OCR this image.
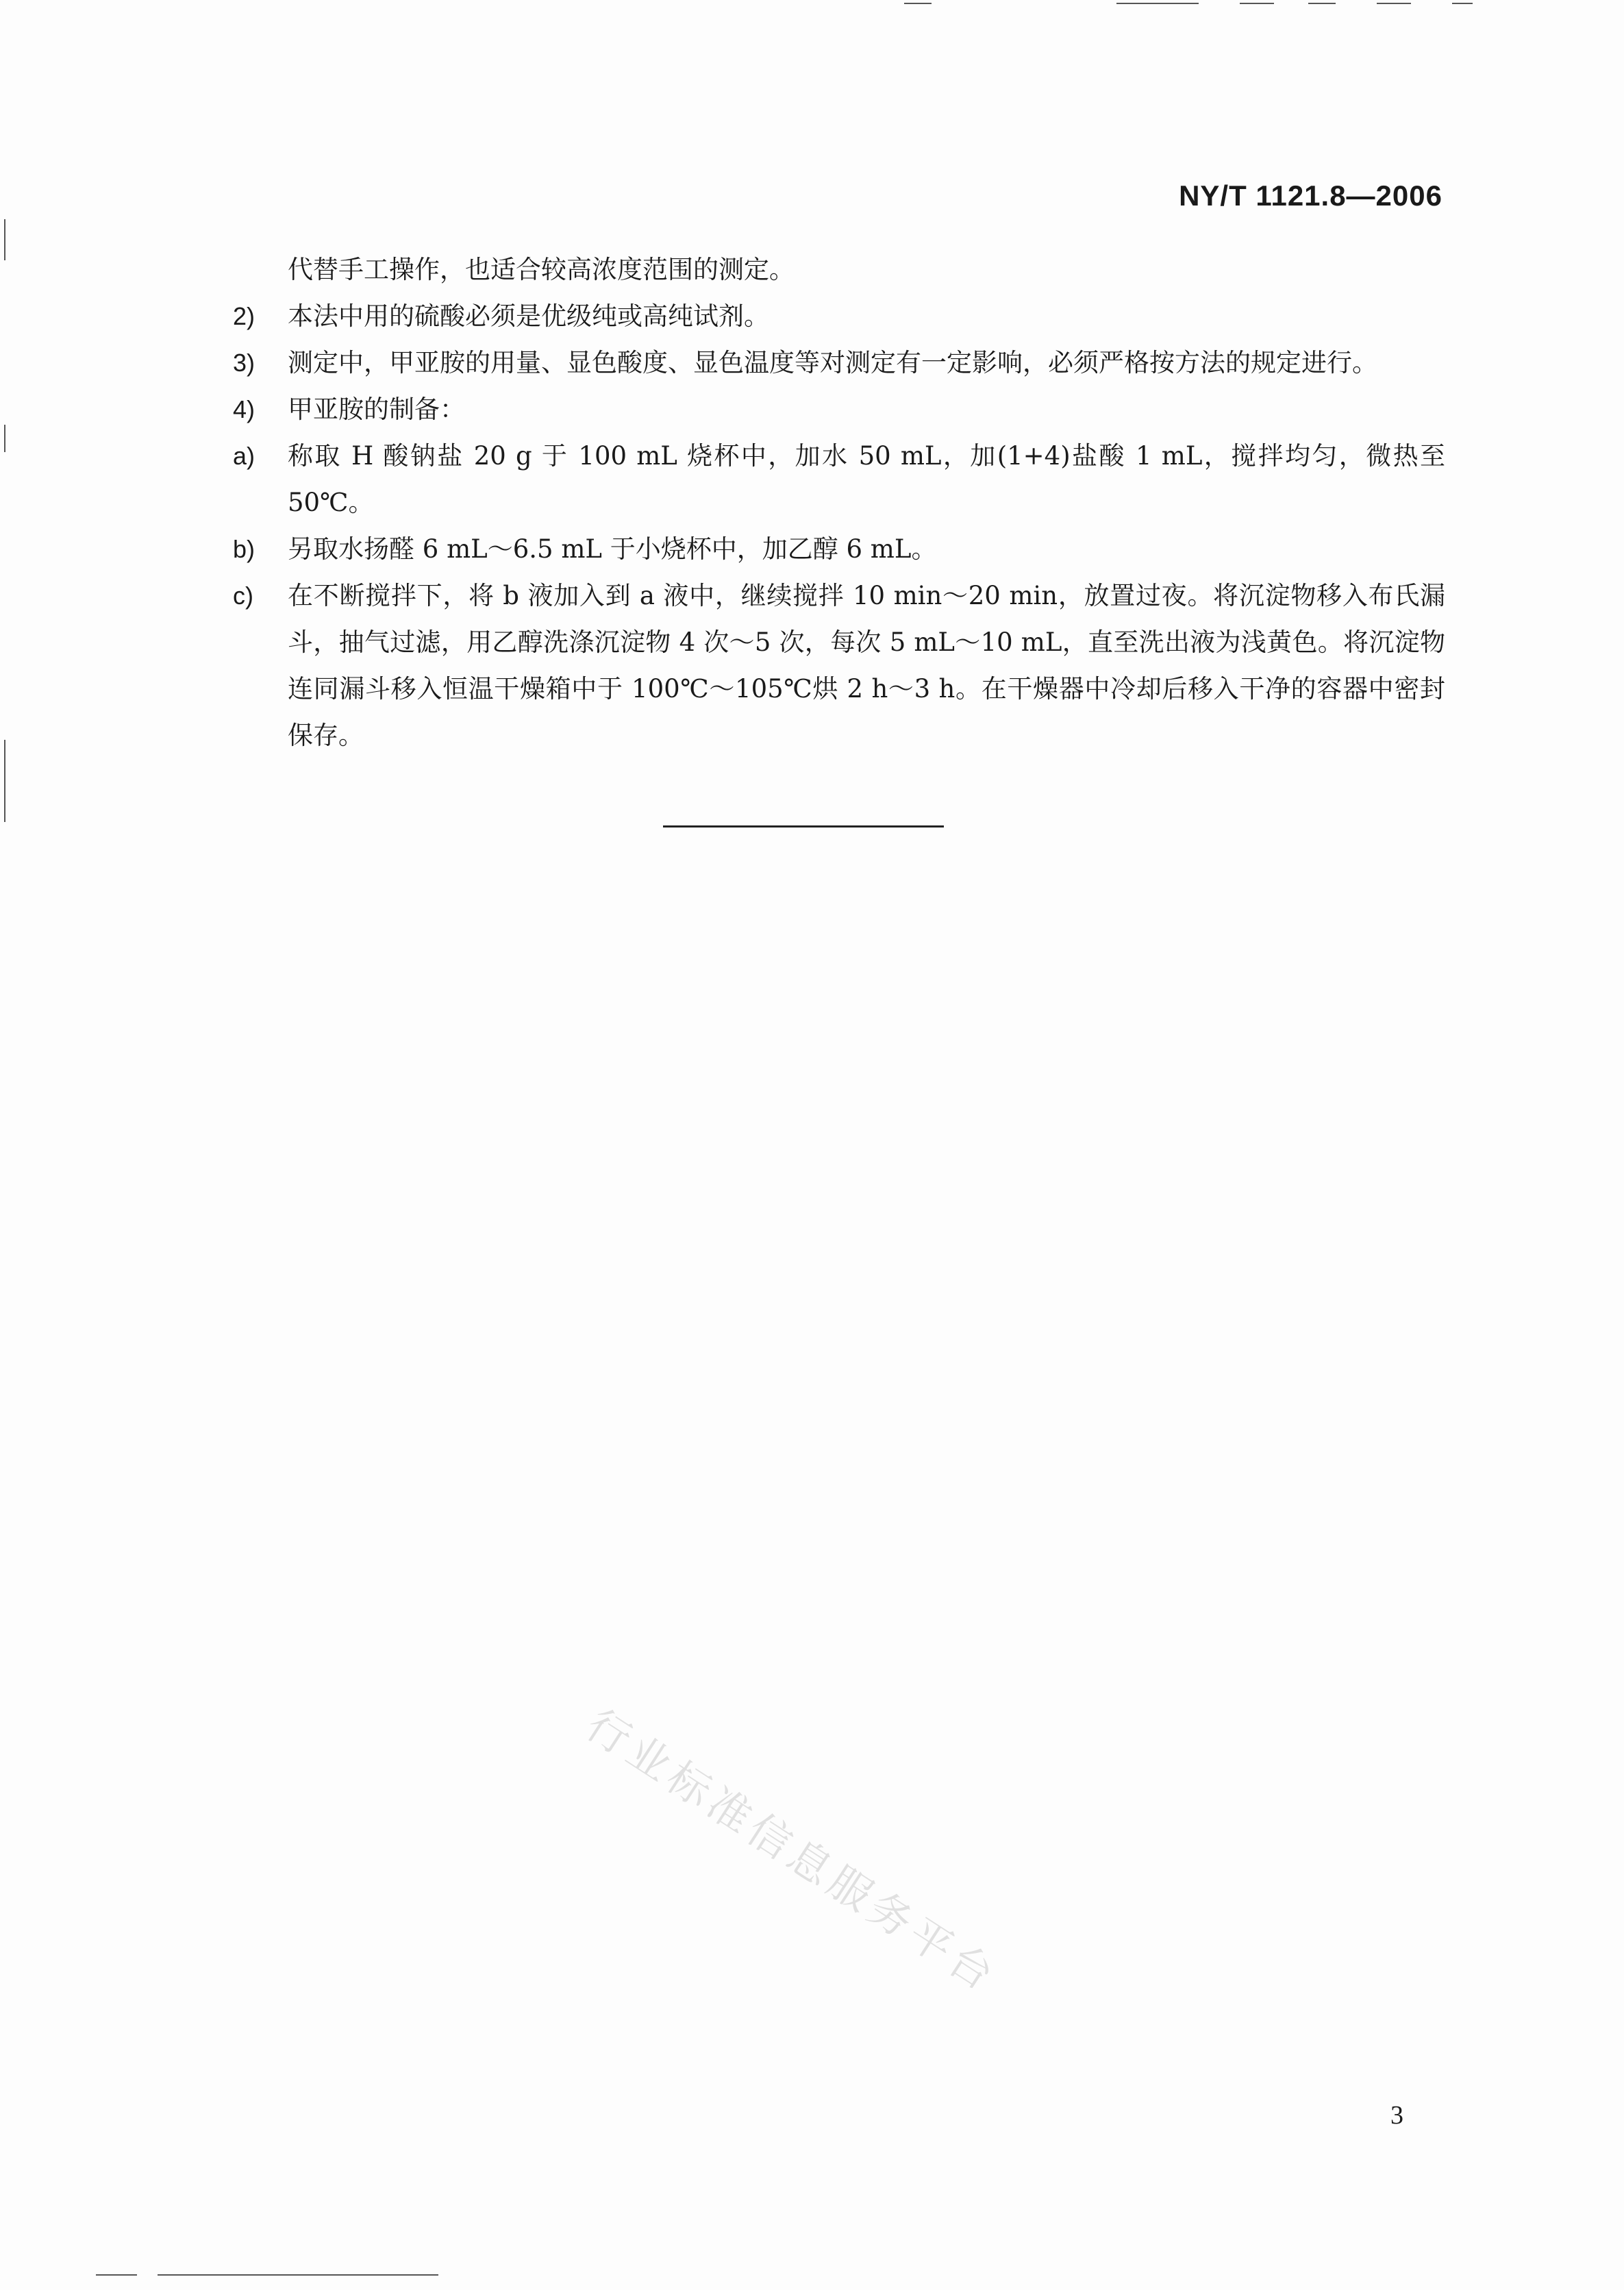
NY/T 1121.8—2006
代替手工操作，也适合较高浓度范围的测定。
2)	本法中用的硫酸必须是优级纯或高纯试剂。
3)	测定中，甲亚胺的用量、显色酸度、显色温度等对测定有一定影响，必须严格按方法的规定进行。
4)	甲亚胺的制备：
a)	称取 H 酸钠盐 20 g 于 100 mL 烧杯中，加水 50 mL，加(1+4)盐酸 1 mL，搅拌均匀，微热至 50℃。
b)	另取水扬醛 6 mL～6.5 mL 于小烧杯中，加乙醇 6 mL。
c)	在不断搅拌下，将 b 液加入到 a 液中，继续搅拌 10 min～20 min，放置过夜。将沉淀物移入布氏漏斗，抽气过滤，用乙醇洗涤沉淀物 4 次～5 次，每次 5 mL～10 mL，直至洗出液为浅黄色。将沉淀物连同漏斗移入恒温干燥箱中于 100℃～105℃烘 2 h～3 h。在干燥器中冷却后移入干净的容器中密封保存。
行业标准信息服务平台
3
